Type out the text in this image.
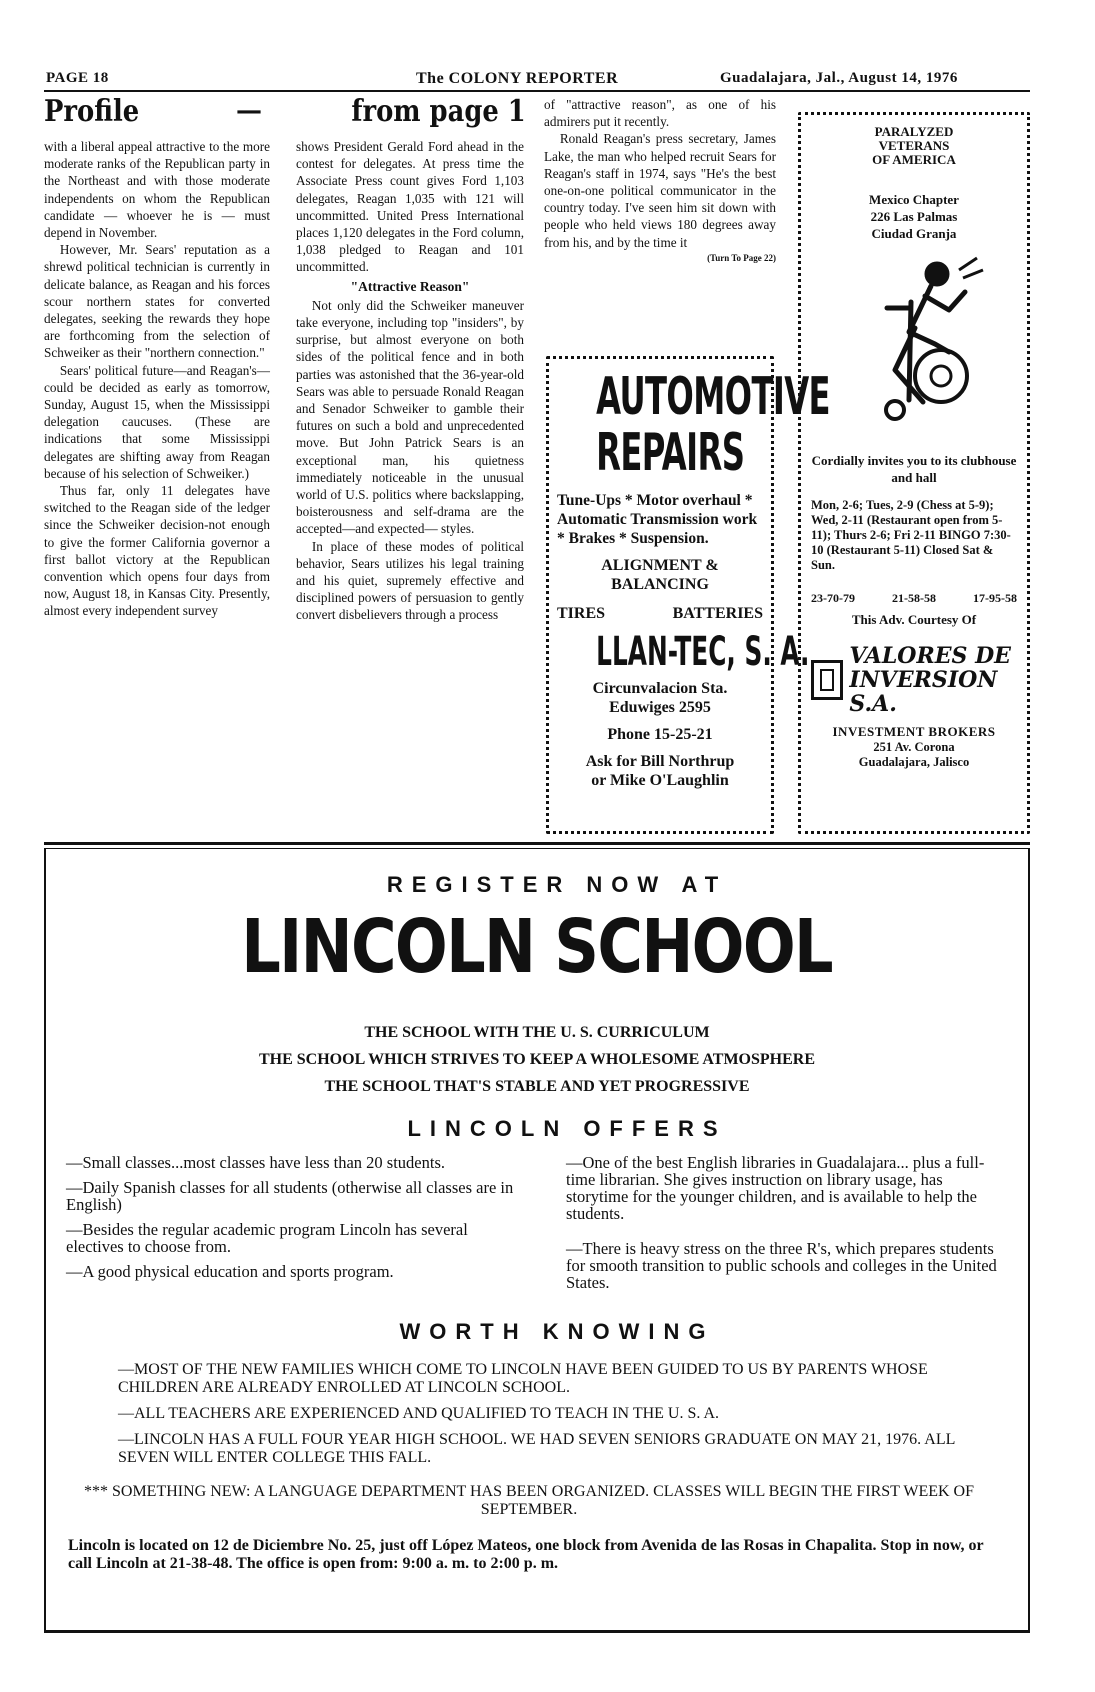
PAGE 18	The COLONY REPORTER	Guadalajara, Jal., August 14, 1976
Profile	—	from page 1

with a liberal appeal attractive to the more moderate ranks of the Republican party in the Northeast and with those moderate independents on whom the Republican candidate — whoever he is — must depend in November.

However, Mr. Sears' reputation as a shrewd political technician is currently in delicate balance, as Reagan and his forces scour northern states for converted delegates, seeking the rewards they hope are forthcoming from the selection of Schweiker as their "northern connection."

Sears' political future—and Reagan's—could be decided as early as tomorrow, Sunday, August 15, when the Mississippi delegation caucuses. (These are indications that some Mississippi delegates are shifting away from Reagan because of his selection of Schweiker.)

Thus far, only 11 delegates have switched to the Reagan side of the ledger since the Schweiker decision-not enough to give the former California governor a first ballot victory at the Republican convention which opens four days from now, August 18, in Kansas City. Presently, almost every independent survey

shows President Gerald Ford ahead in the contest for delegates. At press time the Associate Press count gives Ford 1,103 delegates, Reagan 1,035 with 121 will uncommitted. United Press International places 1,120 delegates in the Ford column, 1,038 pledged to Reagan and 101 uncommitted.

"Attractive Reason"

Not only did the Schweiker maneuver take everyone, including top "insiders", by surprise, but almost everyone on both sides of the political fence and in both parties was astonished that the 36-year-old Sears was able to persuade Ronald Reagan and Senador Schweiker to gamble their futures on such a bold and unprecedented move. But John Patrick Sears is an exceptional man, his quietness immediately noticeable in the unusual world of U.S. politics where backslapping, boisterousness and self-drama are the accepted—and expected— styles.

In place of these modes of political behavior, Sears utilizes his legal training and his quiet, supremely effective and disciplined powers of persuasion to gently convert disbelievers through a process

of "attractive reason", as one of his admirers put it recently.

Ronald Reagan's press secretary, James Lake, the man who helped recruit Sears for Reagan's staff in 1974, says "He's the best one-on-one political communicator in the country today. I've seen him sit down with people who held views 180 degrees away from his, and by the time it

(Turn To Page 22)
AUTOMOTIVE
REPAIRS
Tune-Ups * Motor overhaul * Automatic Transmission work * Brakes * Suspension.
ALIGNMENT & BALANCING
TIRES	BATTERIES
LLAN-TEC, S. A.
Circunvalacion Sta.
Eduwiges 2595
Phone 15-25-21
Ask for Bill Northrup
or Mike O'Laughlin
PARALYZED
VETERANS
OF AMERICA
Mexico Chapter
226 Las Palmas
Ciudad Granja
Cordially invites you to its clubhouse and hall
Mon, 2-6; Tues, 2-9 (Chess at 5-9); Wed, 2-11 (Restaurant open from 5-11); Thurs 2-6; Fri 2-11 BINGO 7:30-10 (Restaurant 5-11) Closed Sat & Sun.
23-70-79	21-58-58	17-95-58
This Adv. Courtesy Of
VALORES DE
INVERSION S.A.
INVESTMENT BROKERS
251 Av. Corona
Guadalajara, Jalisco
REGISTER NOW AT
LINCOLN SCHOOL
THE SCHOOL WITH THE U. S. CURRICULUM
THE SCHOOL WHICH STRIVES TO KEEP A WHOLESOME ATMOSPHERE
THE SCHOOL THAT'S STABLE AND YET PROGRESSIVE
LINCOLN OFFERS
—Small classes...most classes have less than 20 students.
—Daily Spanish classes for all students (otherwise all classes are in English)
—Besides the regular academic program Lincoln has several electives to choose from.
—A good physical education and sports program.
—One of the best English libraries in Guadalajara... plus a full-time librarian. She gives instruction on library usage, has storytime for the younger children, and is available to help the students.
—There is heavy stress on the three R's, which prepares students for smooth transition to public schools and colleges in the United States.
WORTH KNOWING
—MOST OF THE NEW FAMILIES WHICH COME TO LINCOLN HAVE BEEN GUIDED TO US BY PARENTS WHOSE CHILDREN ARE ALREADY ENROLLED AT LINCOLN SCHOOL.
—ALL TEACHERS ARE EXPERIENCED AND QUALIFIED TO TEACH IN THE U. S. A.
—LINCOLN HAS A FULL FOUR YEAR HIGH SCHOOL. WE HAD SEVEN SENIORS GRADUATE ON MAY 21, 1976. ALL SEVEN WILL ENTER COLLEGE THIS FALL.
*** SOMETHING NEW: A LANGUAGE DEPARTMENT HAS BEEN ORGANIZED. CLASSES WILL BEGIN THE FIRST WEEK OF SEPTEMBER.
Lincoln is located on 12 de Diciembre No. 25, just off López Mateos, one block from Avenida de las Rosas in Chapalita. Stop in now, or call Lincoln at 21-38-48. The office is open from: 9:00 a. m. to 2:00 p. m.
